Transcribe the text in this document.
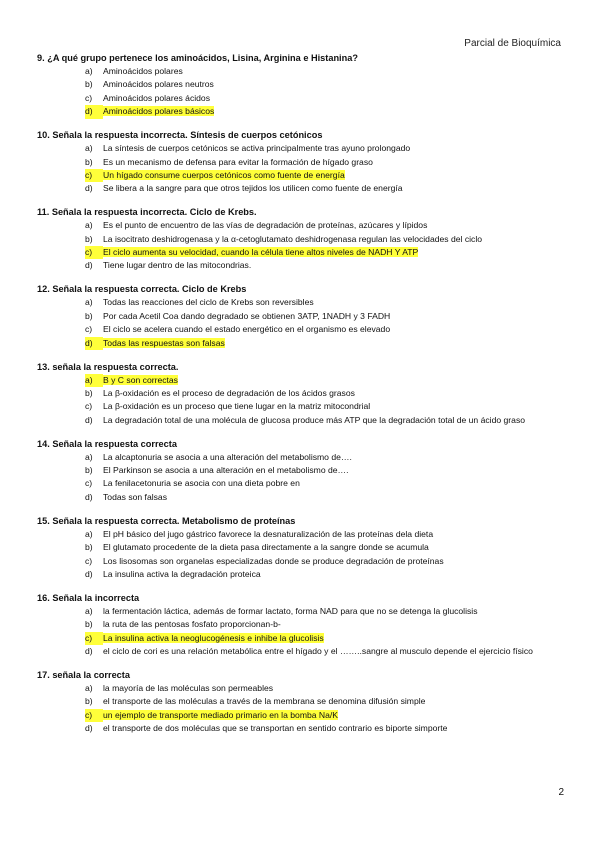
Parcial de Bioquímica
9. ¿A qué grupo pertenece los aminoácidos, Lisina, Arginina e Histanina?
a)	Aminoácidos polares
b)	Aminoácidos polares neutros
c)	Aminoácidos polares ácidos
d)	Aminoácidos polares básicos
10. Señala la respuesta incorrecta. Síntesis de cuerpos cetónicos
a)	La síntesis de cuerpos cetónicos se activa principalmente tras ayuno prolongado
b)	Es un mecanismo de defensa para evitar la formación de hígado graso
c)	Un hígado consume cuerpos cetónicos como fuente de energía
d)	Se libera a la sangre para que otros tejidos los utilicen como fuente de energía
11. Señala la respuesta incorrecta. Ciclo de Krebs.
a)	Es el punto de encuentro de las vías de degradación de proteínas, azúcares y lípidos
b)	La isocitrato deshidrogenasa y la α-cetoglutamato deshidrogenasa regulan las velocidades del ciclo
c)	El ciclo aumenta su velocidad, cuando la célula tiene altos niveles de NADH Y ATP
d)	Tiene lugar dentro de las mitocondrias.
12. Señala la respuesta correcta. Ciclo de Krebs
a)	Todas las reacciones del ciclo de Krebs son reversibles
b)	Por cada Acetil Coa dando degradado se obtienen 3ATP, 1NADH y 3 FADH
c)	El ciclo se acelera cuando el estado energético en el organismo es elevado
d)	Todas las respuestas son falsas
13. señala la respuesta correcta.
a)	B y C son correctas
b)	La β-oxidación es el proceso de degradación de los ácidos grasos
c)	La β-oxidación es un proceso que tiene lugar en la matriz mitocondrial
d)	La degradación total de una molécula de glucosa produce más ATP que la degradación total de un ácido graso
14. Señala la respuesta correcta
a)	La alcaptonuria se asocia a una alteración del metabolismo de….
b)	El Parkinson se asocia a una alteración en el metabolismo de….
c)	La fenilacetonuria se asocia con una dieta pobre en
d)	Todas son falsas
15. Señala la respuesta correcta. Metabolismo de proteínas
a)	El pH básico del jugo gástrico favorece la desnaturalización de las proteínas dela dieta
b)	El glutamato procedente de la dieta pasa directamente a la sangre donde se acumula
c)	Los lisosomas son organelas especializadas donde se produce degradación de proteínas
d)	La insulina activa la degradación proteica
16. Señala la incorrecta
a)	la fermentación láctica, además de formar lactato, forma NAD para que no se detenga la glucolisis
b)	la ruta de las pentosas fosfato proporcionan-b-
c)	La insulina activa la neoglucogénesis e inhibe la glucolisis
d)	el ciclo de cori es una relación metabólica entre el hígado y el ……..sangre al musculo depende el ejercicio físico
17. señala la correcta
a)	la mayoría de las moléculas son permeables
b)	el transporte de las moléculas a través de la membrana se denomina difusión simple
c)	un ejemplo de transporte mediado primario en la bomba Na/K
d)	el transporte de dos moléculas que se transportan en sentido contrario es biporte simporte
2
